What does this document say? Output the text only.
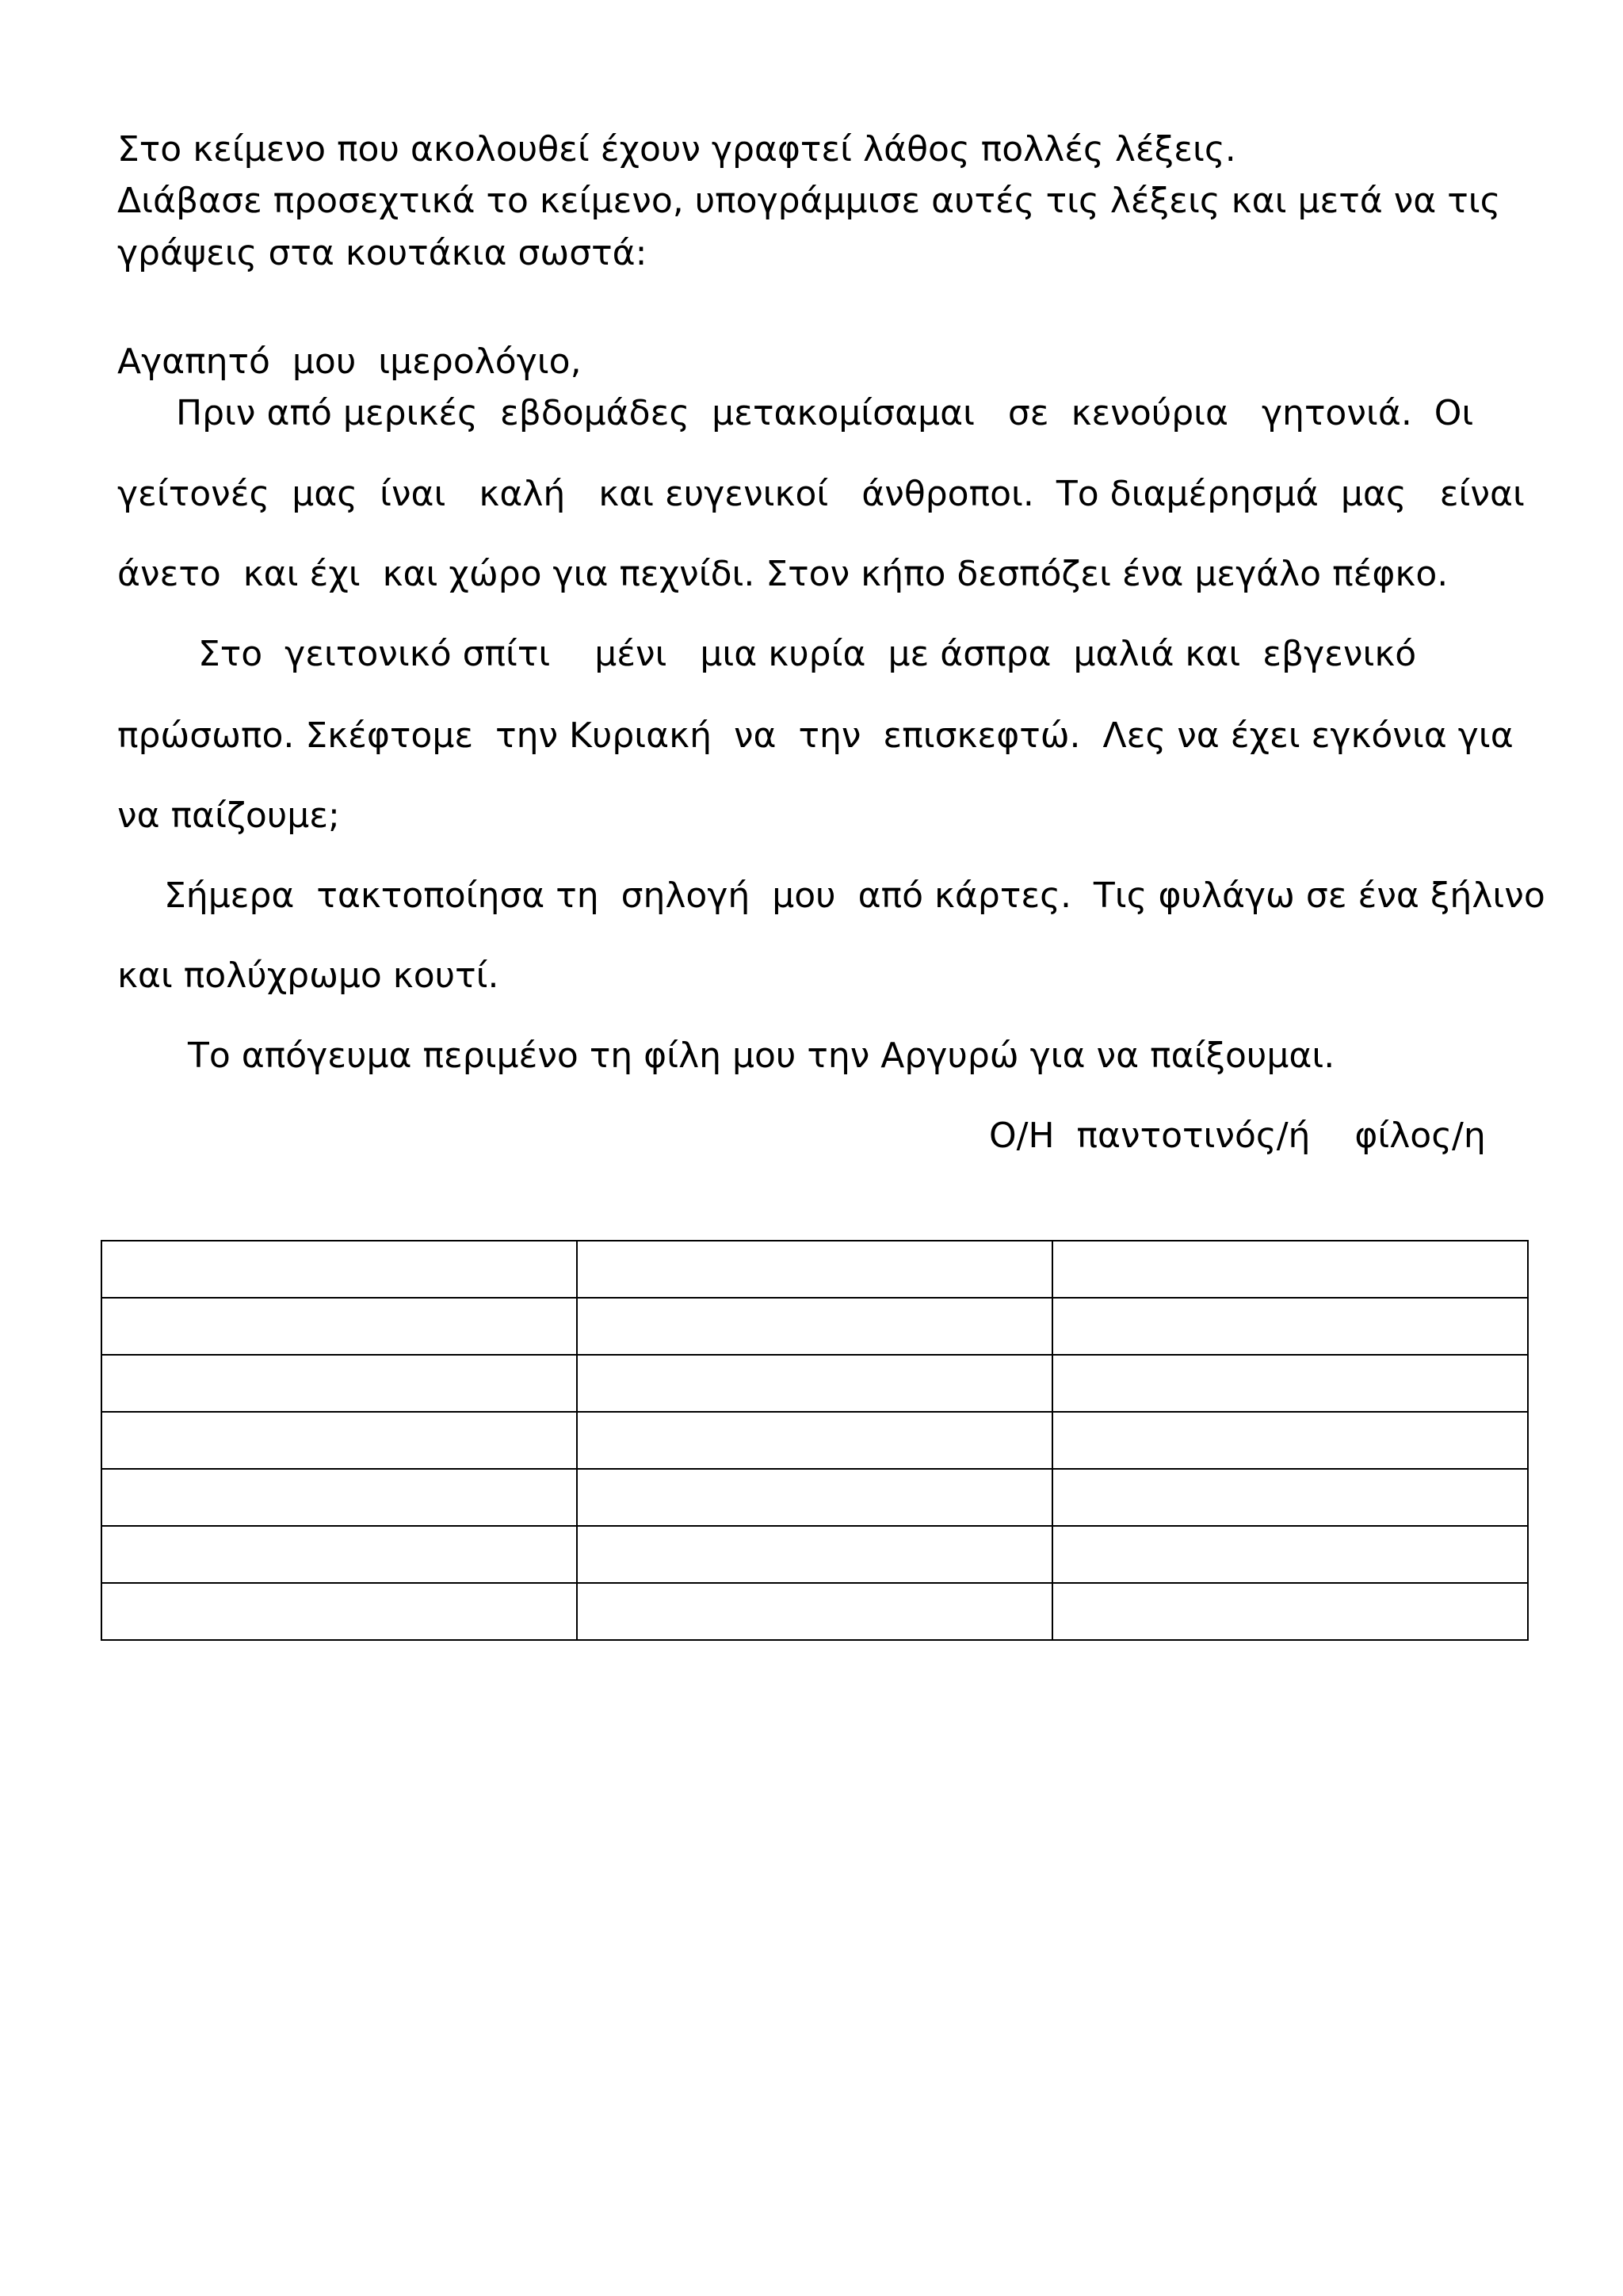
Στο κείμενο που ακολουθεί έχουν γραφτεί λάθος πολλές λέξεις.
Διάβασε προσεχτικά το κείμενο, υπογράμμισε αυτές τις λέξεις και μετά να τις
γράψεις στα κουτάκια σωστά:
Αγαπητό  μου  ιμερολόγιο,
Πριν από μερικές  εβδομάδες  μετακομίσαμαι   σε  κενούρια   γητονιά.  Οι
γείτονές  μας  ίναι   καλή   και ευγενικοί   άνθροποι.  Το διαμέρησμά  μας   είναι
άνετο  και έχι  και χώρο για πεχνίδι. Στον κήπο δεσπόζει ένα μεγάλο πέφκο.
Στο  γειτονικό σπίτι    μένι   μια κυρία  με άσπρα  μαλιά και  εβγενικό
πρώσωπο. Σκέφτομε  την Κυριακή  να  την  επισκεφτώ.  Λες να έχει εγκόνια για
να παίζουμε;
Σήμερα  τακτοποίησα τη  σηλογή  μου  από κάρτες.  Τις φυλάγω σε ένα ξήλινο
και πολύχρωμο κουτί.
Το απόγευμα περιμένο τη φίλη μου την Αργυρώ για να παίξουμαι.
Ο/Η  παντοτινός/ή    φίλος/η
